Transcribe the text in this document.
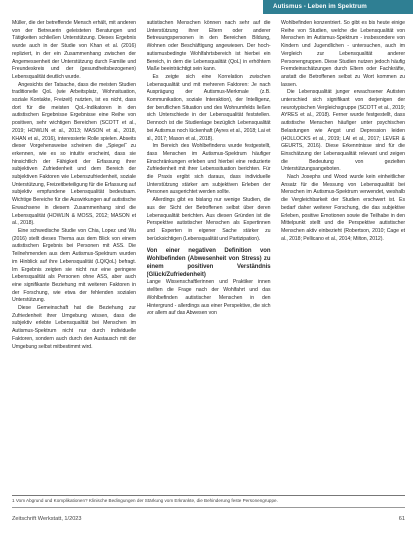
Autismus - Leben im Spektrum

Müller, die der betreffende Mensch erhält, mit anderen von der Betreuerin geleisteten Beratungen und Tätigkeiten schließen Unterstützung. Dieses Ergebnis wurde auch in der Studie von Khan et al. (2016) repliziert, in der ein Zusammenhang zwischen der Angemessenheit der Unterstützung durch Familie und Freundeskreis und der (gesundheitsbezogenen) Lebensqualität deutlich wurde.

Angesichts der Tatsache, dass die meisten Studien traditionelle QoL (wie Arbeitsplatz, Wohnsituation, soziale Kontakte, Freizeit) nutzten, ist es nicht, dass dort für die meisten QoL-Indikatoren in den autistischen Ergebnisse Ergebnisse eine Reihe von positiven, sehr wichtigen Bereichen (SCOTT et al., 2019; HOWLIN et al., 2013; MASON et al., 2018, KHAN et al., 2016), interessierte Rolle spielen. Abseits dieser Vorgehensweise scheinen die „Spiegel“ zu erkennen, wie es so intuitiv erscheint, dass sie hinsichtlich der Fähigkeit der Erfassung ihrer subjektiven Zufriedenheit und dem Bereich der subjektiven Faktoren wie Lebenszufriedenheit, soziale Unterstützung, Freizeitbeteiligung für die Erfassung auf subjektiv empfundene Lebensqualität bedeutsam. Wichtige Bereiche für die Auswirkungen auf autistische Erwachsene in diesem Zusammenhang sind die Lebensqualität (HOWLIN & MOSS, 2012; MASON et al., 2018).

Eine schwedische Studie von Chia, Lopez und Wu (2016) stellt dieses Thema aus dem Blick von einem autistischen Ergebnis bei Personen mit ASS. Die Teilnehmenden aus dem Autismus-Spektrum wurden im Hinblick auf ihre Lebensqualität (LQ/QoL) befragt. Im Ergebnis zeigten sie nicht nur eine geringere Lebensqualität als Personen ohne ASS, aber auch eine signifikante Beziehung mit weiteren Faktoren in der Forschung, wie etwa der fehlenden sozialen Unterstützung.

Diese Gemeinschaft hat die Beziehung zur Zufriedenheit ihrer Umgebung wissen, dass die subjektiv erlebte Lebensqualität bei Menschen im Autismus-Spektrum nicht nur durch individuelle Faktoren, sondern auch durch den Austausch mit der Umgebung selbst mitbestimmt wird.

autistischen Menschen können nach sehr auf die Unterstützung ihrer Eltern oder anderer Betreuungspersonen in den Bereichen Bildung, Wohnen oder Beschäftigung angewiesen. Der hoch-autismusbedingte Wohlfahrtsbereich ist hierbei ein Bereich, in dem die Lebensqualität (QoL) in erhöhtem Maße beeinträchtigt sein kann.

Es zeigte sich eine Korrelation zwischen Lebensqualität und mit mehreren Faktoren: Je nach Ausprägung der Autismus-Merkmale (z.B. Kommunikation, soziale Interaktion), der Intelligenz, der beruflichen Situation und des Wohnumfelds ließen sich Unterschiede in der Lebensqualität feststellen. Dennoch ist die Studienlage bezüglich Lebensqualität bei Autismus noch lückenhaft (Ayres et al., 2018; Lai et al., 2017; Mason et al., 2018).

Im Bereich des Wohlbefindens wurde festgestellt, dass Menschen im Autismus-Spektrum häufiger Einschränkungen erleben und hierbei eine reduzierte Zufriedenheit mit ihrer Lebenssituation berichten. Für die Praxis ergibt sich daraus, dass individuelle Unterstützung stärker am subjektiven Erleben der Personen ausgerichtet werden sollte.

Allerdings gibt es bislang nur wenige Studien, die aus der Sicht der Betroffenen selbst über deren Lebensqualität berichten. Aus diesen Gründen ist die Perspektive autistischer Menschen als Expertinnen und Experten in eigener Sache stärker zu berücksichtigen (Lebensqualität und Partizipation).

Von einer negativen Definition von Wohlbefinden (Abwesenheit von Stress) zu einem positiven Verständnis (Glück/Zufriedenheit)

Lange Wissenschaftlerinnen und Praktiker innen stellten die Frage nach der Wohlfahrt und das Wohlbefinden autistischer Menschen in den Hintergrund - allerdings aus einer Perspektive, die sich vor allem auf das Abwesen von

Wohlbefinden konzentriert. So gibt es bis heute einige Reihe von Studien, welche die Lebensqualität von Menschen im Autismus-Spektrum - insbesondere von Kindern und Jugendlichen - untersuchen, auch im Vergleich zur Lebensqualität anderer Personengruppen. Diese Studien nutzen jedoch häufig Fremdeinschätzungen durch Eltern oder Fachkräfte, anstatt die Betroffenen selbst zu Wort kommen zu lassen.

Die Lebensqualität junger erwachsener Autisten unterschied sich signifikant von derjenigen der neurotypischen Vergleichsgruppe (SCOTT et al., 2019; AYRES et al., 2018). Ferner wurde festgestellt, dass autistische Menschen häufiger unter psychischen Belastungen wie Angst und Depression leiden (HOLLOCKS et al., 2019; LAI et al., 2017; LEVER & GEURTS, 2016). Diese Erkenntnisse sind für die Einschätzung der Lebensqualität relevant und zeigen die Bedeutung von gezielten Unterstützungsangeboten.

Nach Josephs und Wood wurde kein einheitlicher Ansatz für die Messung von Lebensqualität bei Menschen im Autismus-Spektrum verwendet, weshalb die Vergleichbarkeit der Studien erschwert ist. Es bedarf daher weiterer Forschung, die das subjektive Erleben, positive Emotionen sowie die Teilhabe in den Mittelpunkt stellt und die Perspektive autistischer Menschen aktiv einbezieht (Robertson, 2010; Cage et al., 2018; Pellicano et al., 2014; Milton, 2012).

1 Vom Abgrund und Komplikationen? Klinische Bedingungen der Stärkung vom Erkrankte, die Behinderung feste Personengruppe.
Zeitschrift Werkstatt, 1/2023	61
